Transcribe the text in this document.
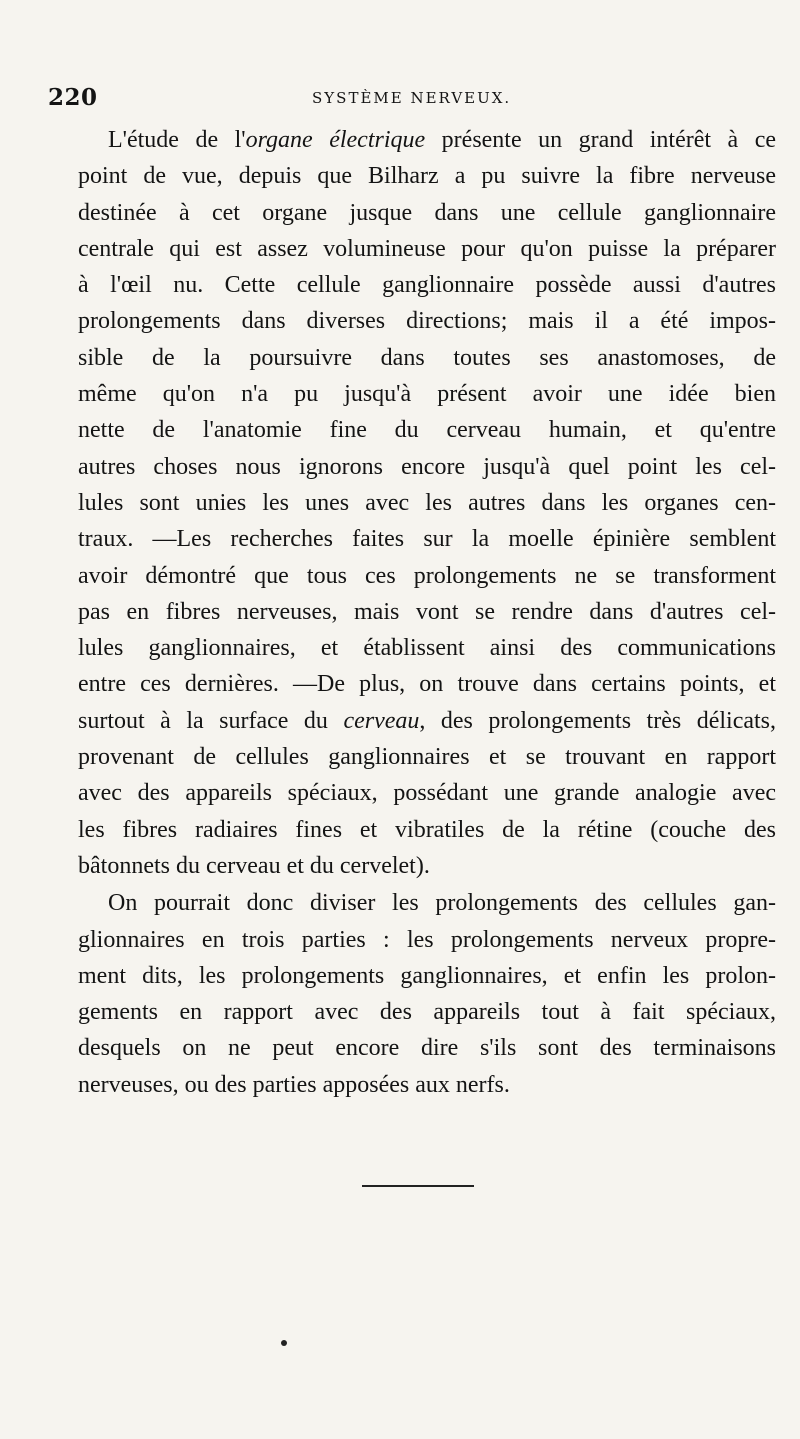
220	SYSTÈME NERVEUX.
L'étude de l'organe électrique présente un grand intérêt à ce
point de vue, depuis que Bilharz a pu suivre la fibre nerveuse
destinée à cet organe jusque dans une cellule ganglionnaire
centrale qui est assez volumineuse pour qu'on puisse la préparer
à l'œil nu. Cette cellule ganglionnaire possède aussi d'autres
prolongements dans diverses directions; mais il a été impos-
sible de la poursuivre dans toutes ses anastomoses, de
même qu'on n'a pu jusqu'à présent avoir une idée bien
nette de l'anatomie fine du cerveau humain, et qu'entre
autres choses nous ignorons encore jusqu'à quel point les cel-
lules sont unies les unes avec les autres dans les organes cen-
traux. —Les recherches faites sur la moelle épinière semblent
avoir démontré que tous ces prolongements ne se transforment
pas en fibres nerveuses, mais vont se rendre dans d'autres cel-
lules ganglionnaires, et établissent ainsi des communications
entre ces dernières. —De plus, on trouve dans certains points, et
surtout à la surface du cerveau, des prolongements très délicats,
provenant de cellules ganglionnaires et se trouvant en rapport
avec des appareils spéciaux, possédant une grande analogie avec
les fibres radiaires fines et vibratiles de la rétine (couche des
bâtonnets du cerveau et du cervelet).
On pourrait donc diviser les prolongements des cellules gan-
glionnaires en trois parties : les prolongements nerveux propre-
ment dits, les prolongements ganglionnaires, et enfin les prolon-
gements en rapport avec des appareils tout à fait spéciaux,
desquels on ne peut encore dire s'ils sont des terminaisons
nerveuses, ou des parties apposées aux nerfs.
